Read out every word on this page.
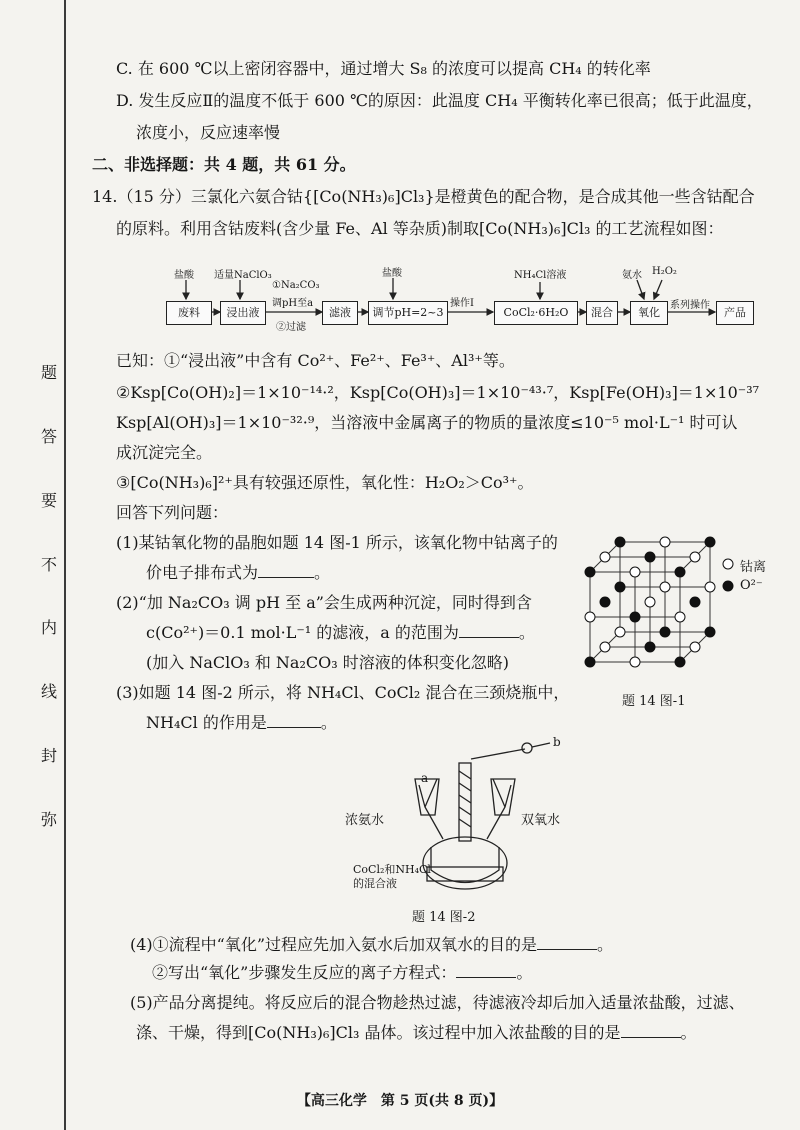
题
答
要
不
内
线
封
弥
C. 在 600 ℃以上密闭容器中，通过增大 S₈ 的浓度可以提高 CH₄ 的转化率
D. 发生反应Ⅱ的温度不低于 600 ℃的原因：此温度 CH₄ 平衡转化率已很高；低于此温度，
浓度小，反应速率慢
二、非选择题：共 4 题，共 61 分。
14.（15 分）三氯化六氨合钴{[Co(NH₃)₆]Cl₃}是橙黄色的配合物，是合成其他一些含钴配合
的原料。利用含钴废料(含少量 Fe、Al 等杂质)制取[Co(NH₃)₆]Cl₃ 的工艺流程如图：
废料	浸出液	滤液	调节pH=2~3	CoCl₂·6H₂O	混合	氧化	产品
盐酸 适量NaClO₃
①Na₂CO₃
调pH至a
②过滤
盐酸
操作Ⅰ
NH₄Cl溶液	氨水 H₂O₂
系列操作
已知：①“浸出液”中含有 Co²⁺、Fe²⁺、Fe³⁺、Al³⁺等。
②Ksp[Co(OH)₂]＝1×10⁻¹⁴·²，Ksp[Co(OH)₃]＝1×10⁻⁴³·⁷，Ksp[Fe(OH)₃]＝1×10⁻³⁷
Ksp[Al(OH)₃]＝1×10⁻³²·⁹，当溶液中金属离子的物质的量浓度≤10⁻⁵ mol·L⁻¹ 时可认
成沉淀完全。
③[Co(NH₃)₆]²⁺具有较强还原性，氧化性：H₂O₂＞Co³⁺。
回答下列问题：
(1)某钴氧化物的晶胞如题 14 图-1 所示，该氧化物中钴离子的
价电子排布式为	。
(2)“加 Na₂CO₃ 调 pH 至 a”会生成两种沉淀，同时得到含
c(Co²⁺)＝0.1 mol·L⁻¹ 的滤液，a 的范围为	。
(加入 NaClO₃ 和 Na₂CO₃ 时溶液的体积变化忽略)
(3)如题 14 图-2 所示，将 NH₄Cl、CoCl₂ 混合在三颈烧瓶中，
NH₄Cl 的作用是	。
钴离
O²⁻
题 14 图-1
a
b
浓氨水	双氧水
CoCl₂和NH₄Cl
的混合液
题 14 图-2
(4)①流程中“氧化”过程应先加入氨水后加双氧水的目的是	。
②写出“氧化”步骤发生反应的离子方程式：	。
(5)产品分离提纯。将反应后的混合物趁热过滤，待滤液冷却后加入适量浓盐酸，过滤、
涤、干燥，得到[Co(NH₃)₆]Cl₃ 晶体。该过程中加入浓盐酸的目的是	。
【高三化学　第 5 页(共 8 页)】
